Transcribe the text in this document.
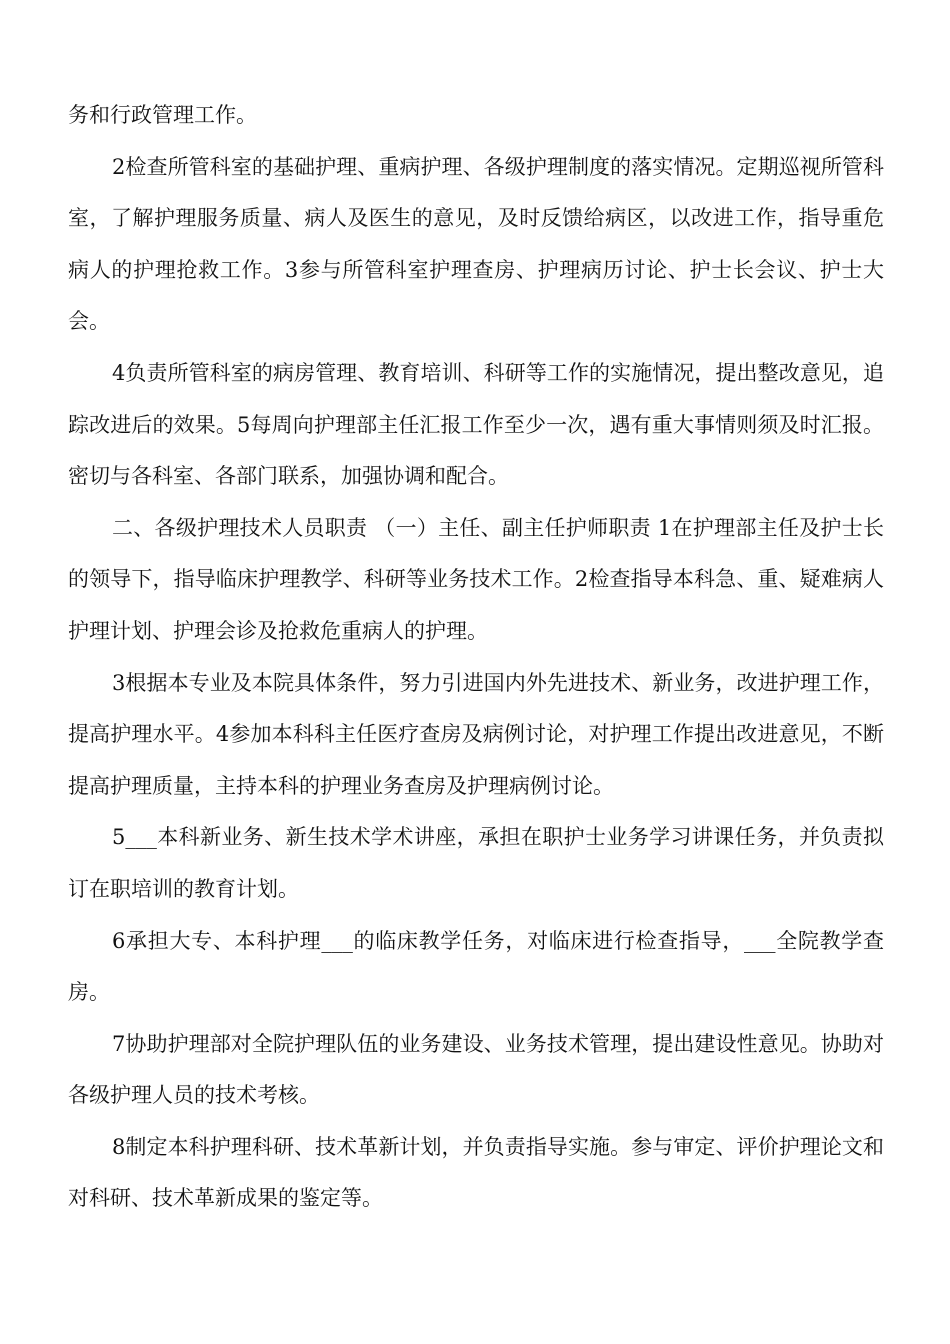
务和行政管理工作。

2检查所管科室的基础护理、重病护理、各级护理制度的落实情况。定期巡视所管科室，了解护理服务质量、病人及医生的意见，及时反馈给病区，以改进工作，指导重危病人的护理抢救工作。3参与所管科室护理查房、护理病历讨论、护士长会议、护士大会。

4负责所管科室的病房管理、教育培训、科研等工作的实施情况，提出整改意见，追踪改进后的效果。5每周向护理部主任汇报工作至少一次，遇有重大事情则须及时汇报。密切与各科室、各部门联系，加强协调和配合。

二、各级护理技术人员职责 （一）主任、副主任护师职责 1在护理部主任及护士长的领导下，指导临床护理教学、科研等业务技术工作。2检查指导本科急、重、疑难病人护理计划、护理会诊及抢救危重病人的护理。

3根据本专业及本院具体条件，努力引进国内外先进技术、新业务，改进护理工作，提高护理水平。4参加本科科主任医疗查房及病例讨论，对护理工作提出改进意见，不断提高护理质量，主持本科的护理业务查房及护理病例讨论。

5___本科新业务、新生技术学术讲座，承担在职护士业务学习讲课任务，并负责拟订在职培训的教育计划。

6承担大专、本科护理___的临床教学任务，对临床进行检查指导，___全院教学查房。

7协助护理部对全院护理队伍的业务建设、业务技术管理，提出建设性意见。协助对各级护理人员的技术考核。

8制定本科护理科研、技术革新计划，并负责指导实施。参与审定、评价护理论文和对科研、技术革新成果的鉴定等。
